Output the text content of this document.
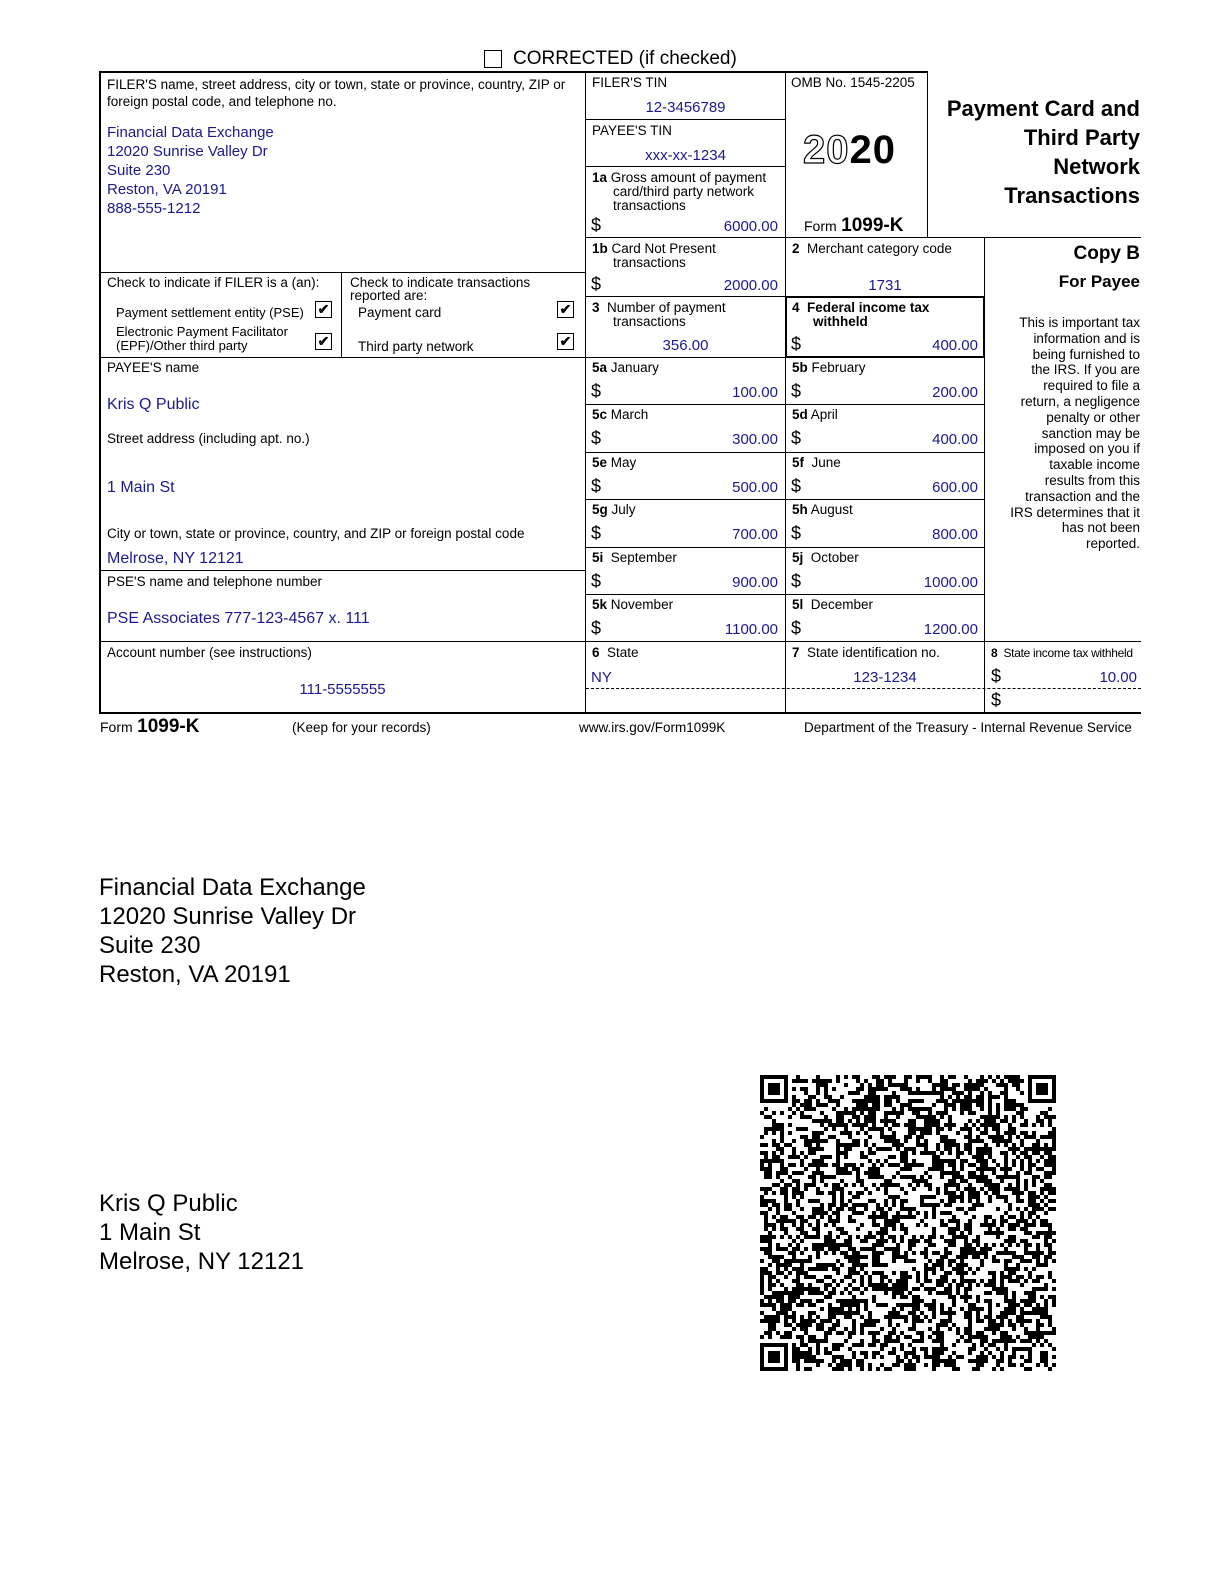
CORRECTED (if checked)
FILER'S name, street address, city or town, state or province, country, ZIP or foreign postal code, and telephone no.
Financial Data Exchange
12020 Sunrise Valley Dr
Suite 230
Reston, VA 20191
888-555-1212
FILER'S TIN
12-3456789
PAYEE'S TIN
xxx-xx-1234
OMB No. 1545-2205
2020
Form 1099-K
Payment Card and
Third Party
Network
Transactions
Copy B
For Payee
This is important tax
information and is
being furnished to
the IRS. If you are
required to file a
return, a negligence
penalty or other
sanction may be
imposed on you if
taxable income
results from this
transaction and the
IRS determines that it
has not been
reported.
1a Gross amount of payment
card/third party network
transactions
$	6000.00
1b Card Not Present
transactions
$	2000.00
2 Merchant category code
1731
3 Number of payment
transactions
356.00
4 Federal income tax
withheld
$	400.00
Check to indicate if FILER is a (an):
Payment settlement entity (PSE) ✔
Electronic Payment Facilitator
(EPF)/Other third party	✔
Check to indicate transactions
reported are:
Payment card	✔
Third party network	✔
PAYEE'S name
Kris Q Public
Street address (including apt. no.)
1 Main St
City or town, state or province, country, and ZIP or foreign postal code
Melrose, NY 12121
PSE'S name and telephone number
PSE Associates 777-123-4567 x. 111
Account number (see instructions)
111-5555555
5a January
$	100.00
5c March
$	300.00
5e May
$	500.00
5g July
$	700.00
5i September
$	900.00
5k November
$	1100.00
5b February
$	200.00
5d April
$	400.00
5f June
$	600.00
5h August
$	800.00
5j October
$	1000.00
5l December
$	1200.00
6 State
NY
7 State identification no.
123-1234
8 State income tax withheld
$	10.00
$
Form 1099-K	(Keep for your records)	www.irs.gov/Form1099K	Department of the Treasury - Internal Revenue Service
Financial Data Exchange
12020 Sunrise Valley Dr
Suite 230
Reston, VA 20191
Kris Q Public
1 Main St
Melrose, NY 12121
